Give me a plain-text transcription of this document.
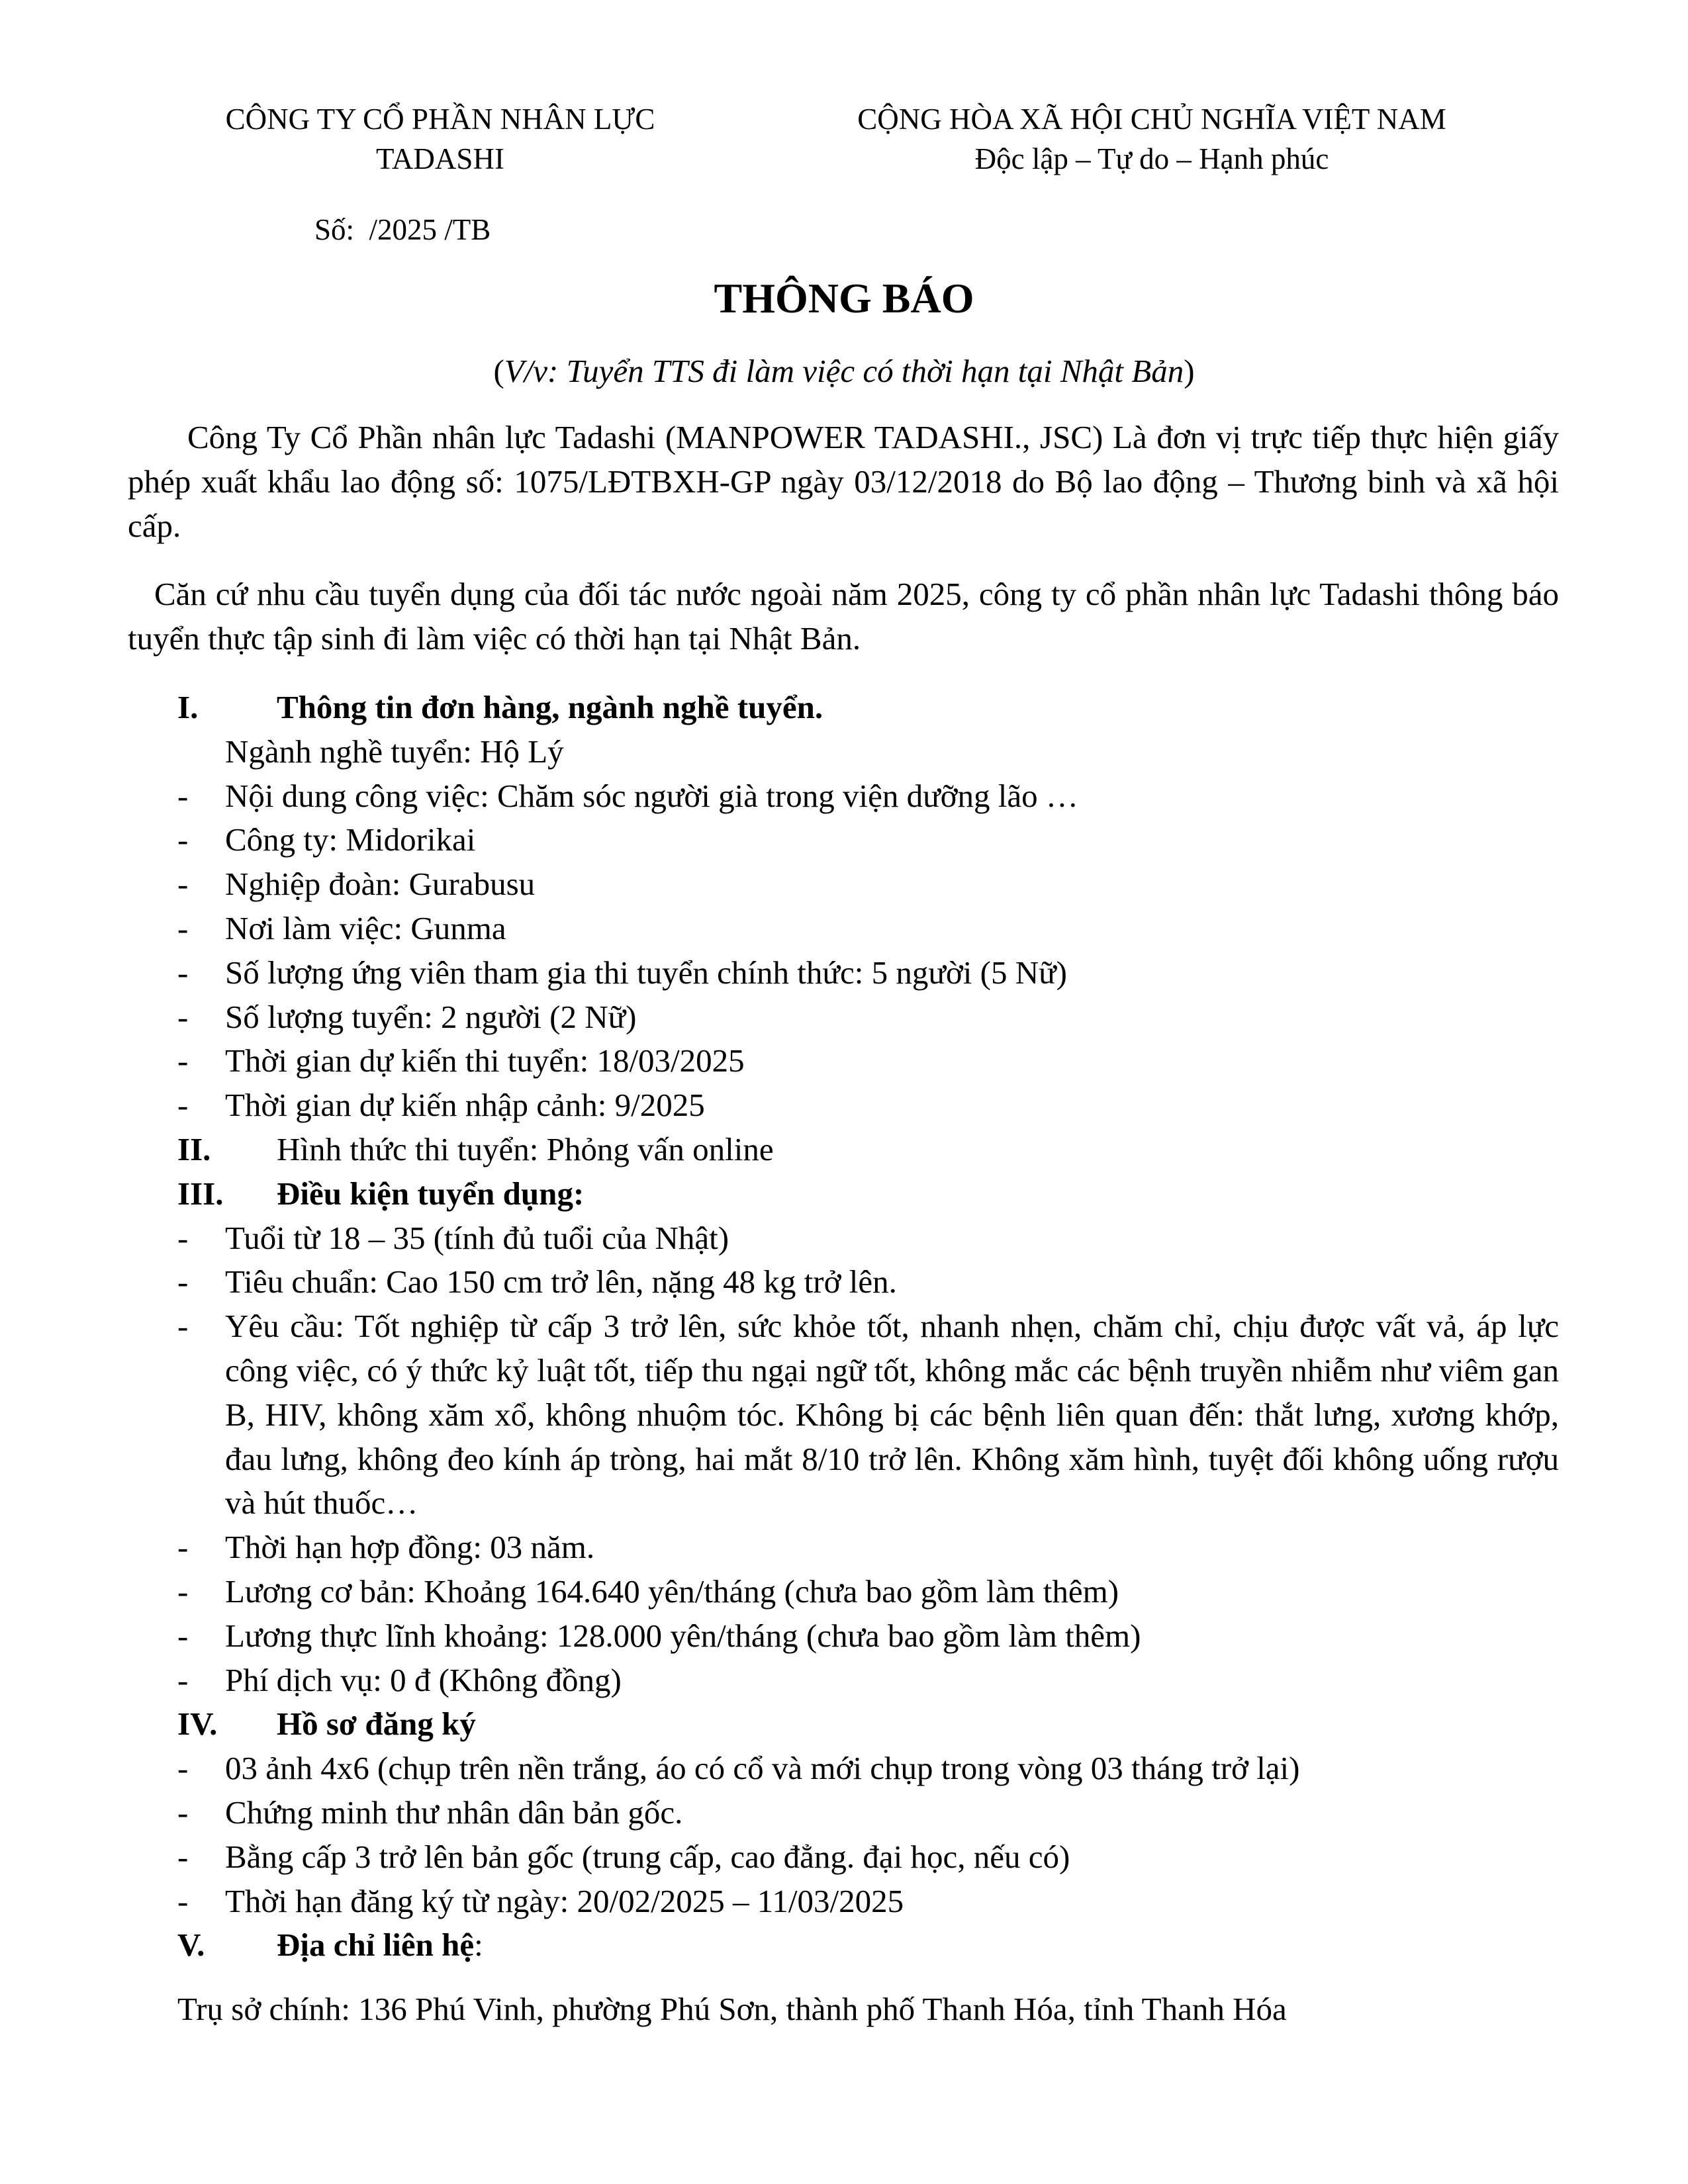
CÔNG TY CỔ PHẦN NHÂN LỰC
TADASHI
CỘNG HÒA XÃ HỘI CHỦ NGHĨA VIỆT NAM
Độc lập – Tự do – Hạnh phúc
Số:  /2025 /TB
THÔNG BÁO
(V/v: Tuyển TTS đi làm việc có thời hạn tại Nhật Bản)
Công Ty Cổ Phần nhân lực Tadashi (MANPOWER TADASHI., JSC) Là đơn vị trực tiếp thực hiện giấy
phép xuất khẩu lao động số: 1075/LĐTBXH-GP ngày 03/12/2018 do Bộ lao động – Thương binh và xã hội
cấp.
Căn cứ nhu cầu tuyển dụng của đối tác nước ngoài năm 2025, công ty cổ phần nhân lực Tadashi thông báo
tuyển thực tập sinh đi làm việc có thời hạn tại Nhật Bản.
I. Thông tin đơn hàng, ngành nghề tuyển.
Ngành nghề tuyển: Hộ Lý
- Nội dung công việc: Chăm sóc người già trong viện dưỡng lão …
- Công ty: Midorikai
- Nghiệp đoàn: Gurabusu
- Nơi làm việc: Gunma
- Số lượng ứng viên tham gia thi tuyển chính thức: 5 người (5 Nữ)
- Số lượng tuyển: 2 người (2 Nữ)
- Thời gian dự kiến thi tuyển: 18/03/2025
- Thời gian dự kiến nhập cảnh: 9/2025
II. Hình thức thi tuyển: Phỏng vấn online
III. Điều kiện tuyển dụng:
- Tuổi từ 18 – 35 (tính đủ tuổi của Nhật)
- Tiêu chuẩn: Cao 150 cm trở lên, nặng 48 kg trở lên.
- Yêu cầu: Tốt nghiệp từ cấp 3 trở lên, sức khỏe tốt, nhanh nhẹn, chăm chỉ, chịu được vất vả, áp lực công việc, có ý thức kỷ luật tốt, tiếp thu ngại ngữ tốt, không mắc các bệnh truyền nhiễm như viêm gan B, HIV, không xăm xổ, không nhuộm tóc. Không bị các bệnh liên quan đến: thắt lưng, xương khớp, đau lưng, không đeo kính áp tròng, hai mắt 8/10 trở lên. Không xăm hình, tuyệt đối không uống rượu và hút thuốc…
- Thời hạn hợp đồng: 03 năm.
- Lương cơ bản: Khoảng 164.640 yên/tháng (chưa bao gồm làm thêm)
- Lương thực lĩnh khoảng: 128.000 yên/tháng (chưa bao gồm làm thêm)
- Phí dịch vụ: 0 đ (Không đồng)
IV. Hồ sơ đăng ký
- 03 ảnh 4x6 (chụp trên nền trắng, áo có cổ và mới chụp trong vòng 03 tháng trở lại)
- Chứng minh thư nhân dân bản gốc.
- Bằng cấp 3 trở lên bản gốc (trung cấp, cao đẳng. đại học, nếu có)
- Thời hạn đăng ký từ ngày: 20/02/2025 – 11/03/2025
V. Địa chỉ liên hệ:
Trụ sở chính: 136 Phú Vinh, phường Phú Sơn, thành phố Thanh Hóa, tỉnh Thanh Hóa
